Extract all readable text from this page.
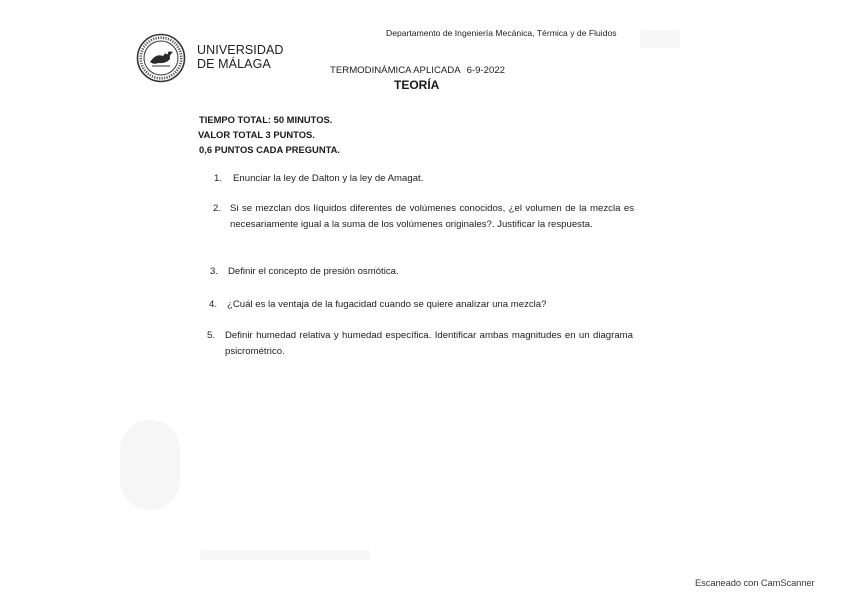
UNIVERSIDAD
DE MÁLAGA
Departamento de Ingeniería Mecánica, Térmica y de Fluidos
TERMODINÁMICA APLICADA 6-9-2022
TEORÍA
TIEMPO TOTAL: 50 MINUTOS.
VALOR TOTAL 3 PUNTOS.
0,6 PUNTOS CADA PREGUNTA.
1. Enunciar la ley de Dalton y la ley de Amagat.
2. Si se mezclan dos líquidos diferentes de volúmenes conocidos, ¿el volumen de la mezcla es necesariamente igual a la suma de los volúmenes originales?. Justificar la respuesta.
3. Definir el concepto de presión osmótica.
4. ¿Cuál es la ventaja de la fugacidad cuando se quiere analizar una mezcla?
5. Definir humedad relativa y humedad específica. Identificar ambas magnitudes en un diagrama psicrométrico.
Escaneado con CamScanner
